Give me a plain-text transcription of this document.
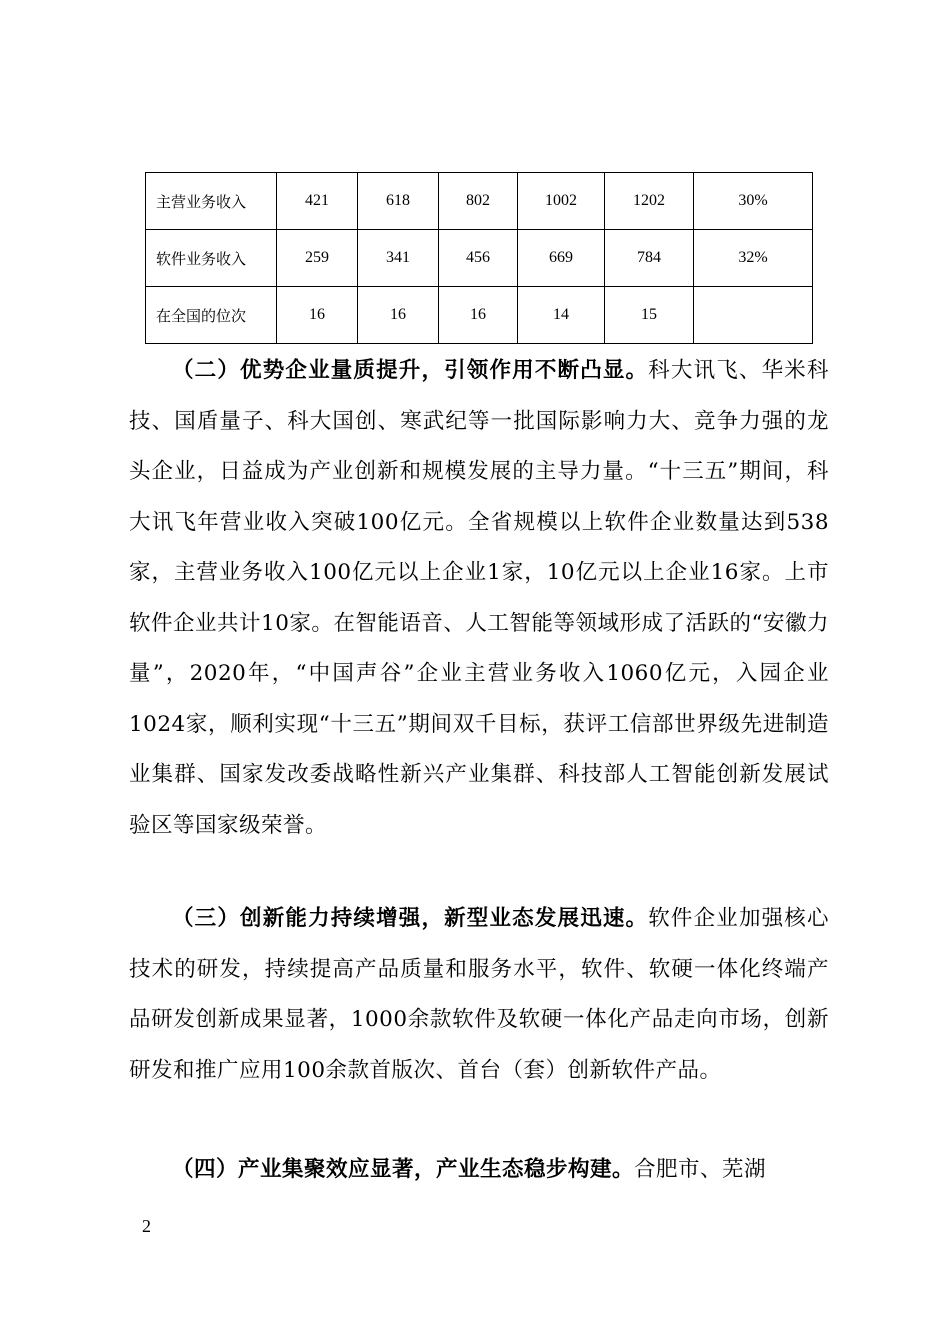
主营业务收入	421	618	802	1002	1202	30%
软件业务收入	259	341	456	669	784	32%
在全国的位次	16	16	16	14	15	

（二）优势企业量质提升，引领作用不断凸显。科大讯飞、华米科技、国盾量子、科大国创、寒武纪等一批国际影响力大、竞争力强的龙头企业，日益成为产业创新和规模发展的主导力量。“十三五”期间，科大讯飞年营业收入突破100亿元。全省规模以上软件企业数量达到538家，主营业务收入100亿元以上企业1家，10亿元以上企业16家。上市软件企业共计10家。在智能语音、人工智能等领域形成了活跃的“安徽力量”，2020年，“中国声谷”企业主营业务收入1060亿元，入园企业1024家，顺利实现“十三五”期间双千目标，获评工信部世界级先进制造业集群、国家发改委战略性新兴产业集群、科技部人工智能创新发展试验区等国家级荣誉。

（三）创新能力持续增强，新型业态发展迅速。软件企业加强核心技术的研发，持续提高产品质量和服务水平，软件、软硬一体化终端产品研发创新成果显著，1000余款软件及软硬一体化产品走向市场，创新研发和推广应用100余款首版次、首台（套）创新软件产品。

（四）产业集聚效应显著，产业生态稳步构建。合肥市、芜湖

2
